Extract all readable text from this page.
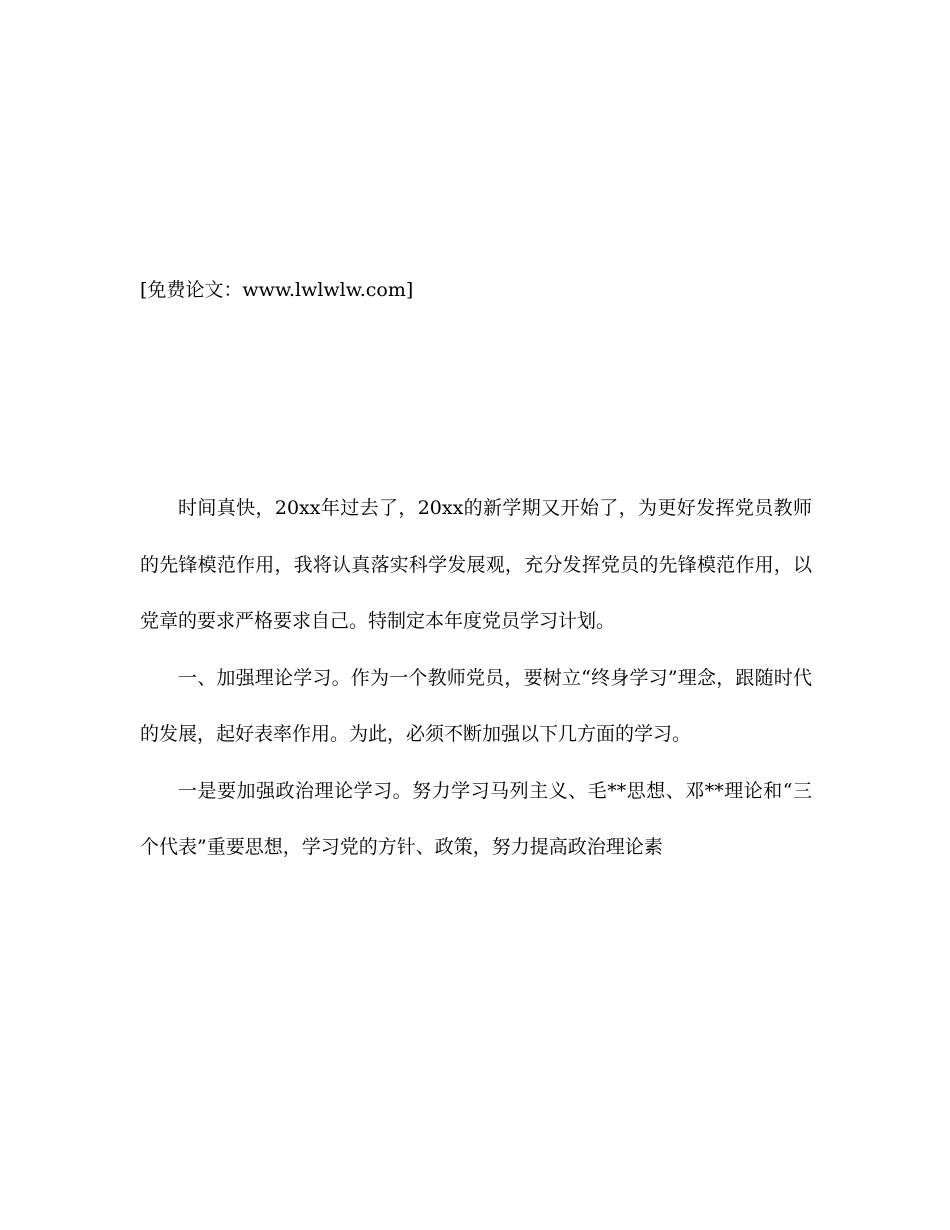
[免费论文：www.lwlwlw.com]

时间真快，20xx年过去了，20xx的新学期又开始了，为更好发挥党员教师的先锋模范作用，我将认真落实科学发展观，充分发挥党员的先锋模范作用，以党章的要求严格要求自己。特制定本年度党员学习计划。

一、加强理论学习。作为一个教师党员，要树立“终身学习”理念，跟随时代的发展，起好表率作用。为此，必须不断加强以下几方面的学习。

一是要加强政治理论学习。努力学习马列主义、毛**思想、邓**理论和“三个代表”重要思想，学习党的方针、政策，努力提高政治理论素
